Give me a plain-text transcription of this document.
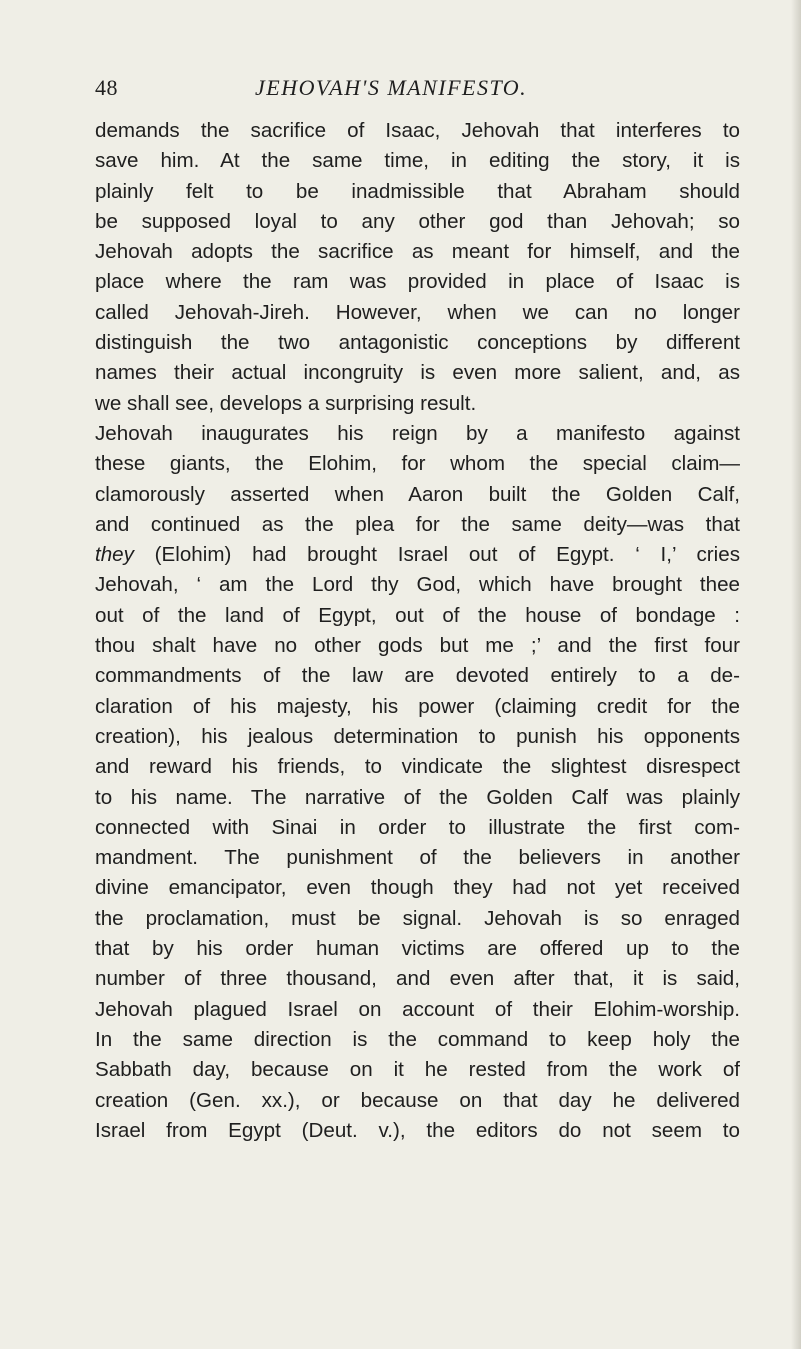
48	JEHOVAH'S MANIFESTO.
demands the sacrifice of Isaac, Jehovah that interferes to
save him. At the same time, in editing the story, it is
plainly felt to be inadmissible that Abraham should
be supposed loyal to any other god than Jehovah; so
Jehovah adopts the sacrifice as meant for himself, and the
place where the ram was provided in place of Isaac is
called Jehovah-Jireh. However, when we can no longer
distinguish the two antagonistic conceptions by different
names their actual incongruity is even more salient, and, as
we shall see, develops a surprising result.
Jehovah inaugurates his reign by a manifesto against
these giants, the Elohim, for whom the special claim—
clamorously asserted when Aaron built the Golden Calf,
and continued as the plea for the same deity—was that
they (Elohim) had brought Israel out of Egypt. ‘ I,’ cries
Jehovah, ‘ am the Lord thy God, which have brought thee
out of the land of Egypt, out of the house of bondage :
thou shalt have no other gods but me ;’ and the first four
commandments of the law are devoted entirely to a de-
claration of his majesty, his power (claiming credit for the
creation), his jealous determination to punish his opponents
and reward his friends, to vindicate the slightest disrespect
to his name. The narrative of the Golden Calf was plainly
connected with Sinai in order to illustrate the first com-
mandment. The punishment of the believers in another
divine emancipator, even though they had not yet received
the proclamation, must be signal. Jehovah is so enraged
that by his order human victims are offered up to the
number of three thousand, and even after that, it is said,
Jehovah plagued Israel on account of their Elohim-worship.
In the same direction is the command to keep holy the
Sabbath day, because on it he rested from the work of
creation (Gen. xx.), or because on that day he delivered
Israel from Egypt (Deut. v.), the editors do not seem to
